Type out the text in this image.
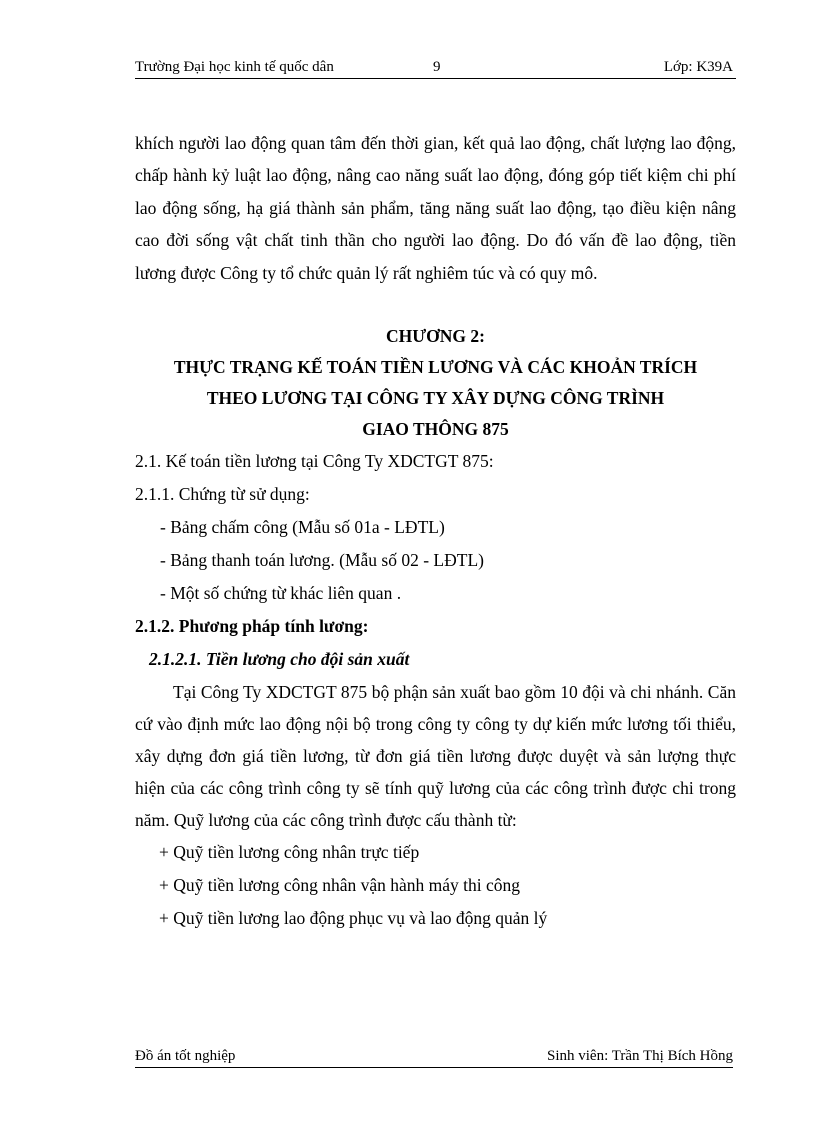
Trường Đại học kinh tế quốc dân	9	Lớp: K39A

khích người lao động quan tâm đến thời gian, kết quả lao động, chất lượng lao động, chấp hành kỷ luật lao động, nâng cao năng suất lao động, đóng góp tiết kiệm chi phí lao động sống, hạ giá thành sản phẩm, tăng năng suất lao động, tạo điều kiện nâng cao đời sống vật chất tinh thần cho người lao động. Do đó vấn đề lao động, tiền lương được Công ty tổ chức quản lý rất nghiêm túc và có quy mô.

CHƯƠNG 2:
THỰC TRẠNG KẾ TOÁN TIỀN LƯƠNG VÀ CÁC KHOẢN TRÍCH
THEO LƯƠNG TẠI CÔNG TY XÂY DỰNG CÔNG TRÌNH
GIAO THÔNG 875

2.1. Kế toán tiền lương tại Công Ty XDCTGT 875:

2.1.1. Chứng từ sử dụng:

- Bảng chấm công (Mẫu số 01a - LĐTL)

- Bảng thanh toán lương. (Mẫu số 02 - LĐTL)

- Một số chứng từ khác liên quan .

2.1.2. Phương pháp tính lương:

2.1.2.1. Tiền lương cho đội sản xuất

Tại Công Ty XDCTGT 875 bộ phận sản xuất bao gồm 10 đội và chi nhánh. Căn cứ vào định mức lao động nội bộ trong công ty công ty dự kiến mức lương tối thiểu, xây dựng đơn giá tiền lương, từ đơn giá tiền lương được duyệt và sản lượng thực hiện của các công trình công ty sẽ tính quỹ lương của các công trình được chi trong năm. Quỹ lương của các công trình được cấu thành từ:

+ Quỹ tiền lương công nhân trực tiếp

+ Quỹ tiền lương công nhân vận hành máy thi công

+ Quỹ tiền lương lao động phục vụ và lao động quản lý

Đồ án tốt nghiệp	Sinh viên: Trần Thị Bích Hồng
